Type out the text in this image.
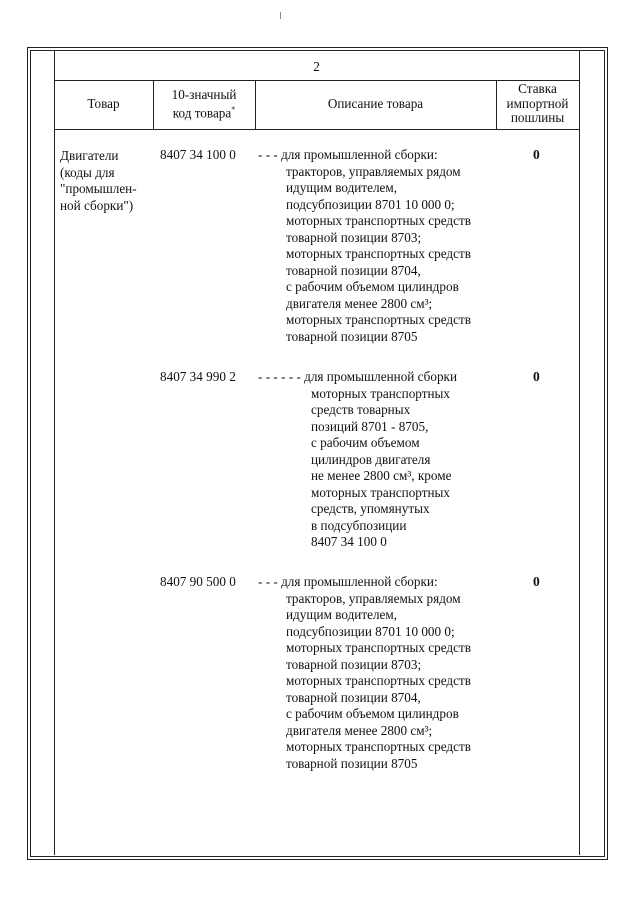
2
Товар
10-значный
код товара*	Описание товара
Ставка
импортной
пошлины
Двигатели
(коды для
"промышлен-
ной сборки")
8407 34 100 0 - - - для промышленной сборки:
тракторов, управляемых рядом
идущим водителем,
подсубпозиции 8701 10 000 0;
моторных транспортных средств
товарной позиции 8703;
моторных транспортных средств
товарной позиции 8704,
с рабочим объемом цилиндров
двигателя менее 2800 см³;
моторных транспортных средств
товарной позиции 8705
0
8407 34 990 2 - - - - - - для промышленной сборки
моторных транспортных
средств товарных
позиций 8701 - 8705,
с рабочим объемом
цилиндров двигателя
не менее 2800 см³, кроме
моторных транспортных
средств, упомянутых
в подсубпозиции
8407 34 100 0
0
8407 90 500 0 - - - для промышленной сборки:
тракторов, управляемых рядом
идущим водителем,
подсубпозиции 8701 10 000 0;
моторных транспортных средств
товарной позиции 8703;
моторных транспортных средств
товарной позиции 8704,
с рабочим объемом цилиндров
двигателя менее 2800 см³;
моторных транспортных средств
товарной позиции 8705
0
